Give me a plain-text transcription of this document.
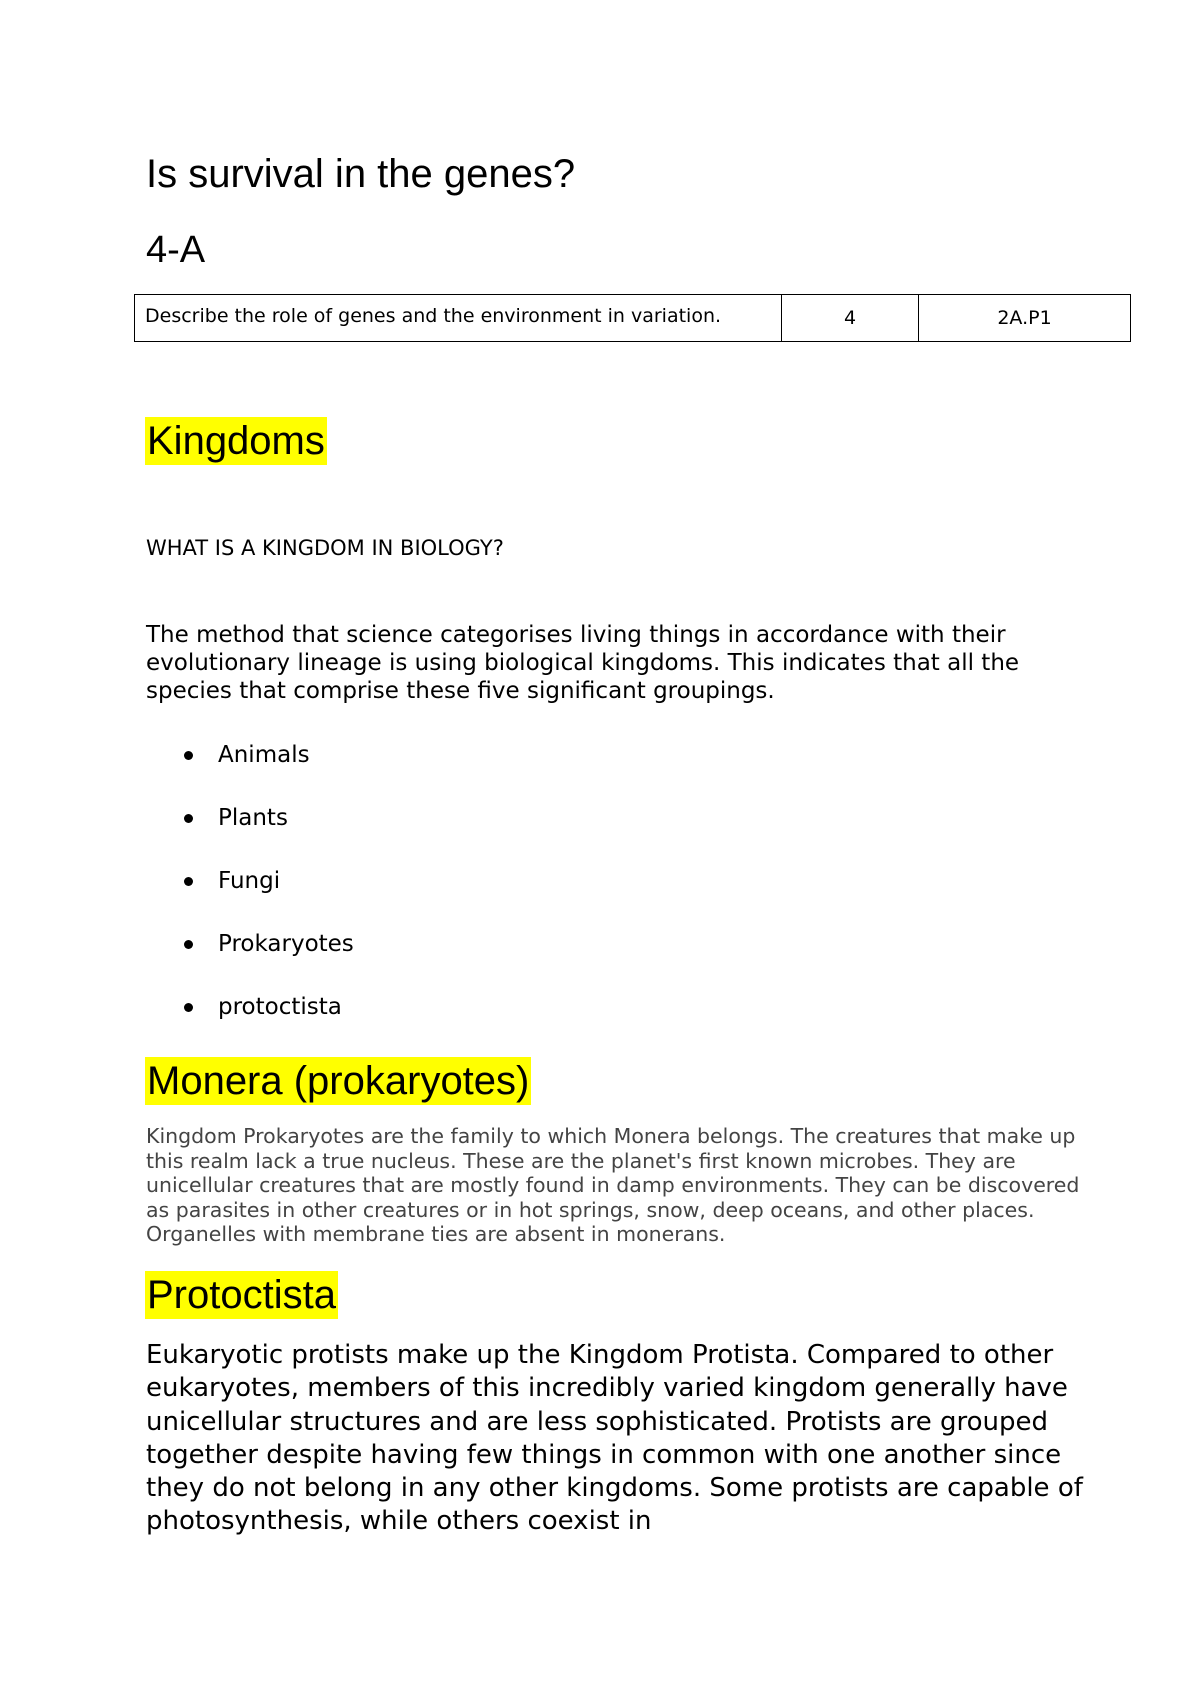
Is survival in the genes?
4-A
Describe the role of genes and the environment in variation.	4	2A.P1
Kingdoms
WHAT IS A KINGDOM IN BIOLOGY?

The method that science categorises living things in accordance with their evolutionary lineage is using biological kingdoms. This indicates that all the species that comprise these five significant groupings.

Animals
Plants
Fungi
Prokaryotes
protoctista
Monera (prokaryotes)

Kingdom Prokaryotes are the family to which Monera belongs. The creatures that make up this realm lack a true nucleus. These are the planet's first known microbes. They are unicellular creatures that are mostly found in damp environments. They can be discovered as parasites in other creatures or in hot springs, snow, deep oceans, and other places. Organelles with membrane ties are absent in monerans.

Protoctista

Eukaryotic protists make up the Kingdom Protista. Compared to other eukaryotes, members of this incredibly varied kingdom generally have unicellular structures and are less sophisticated. Protists are grouped together despite having few things in common with one another since they do not belong in any other kingdoms. Some protists are capable of photosynthesis, while others coexist in
